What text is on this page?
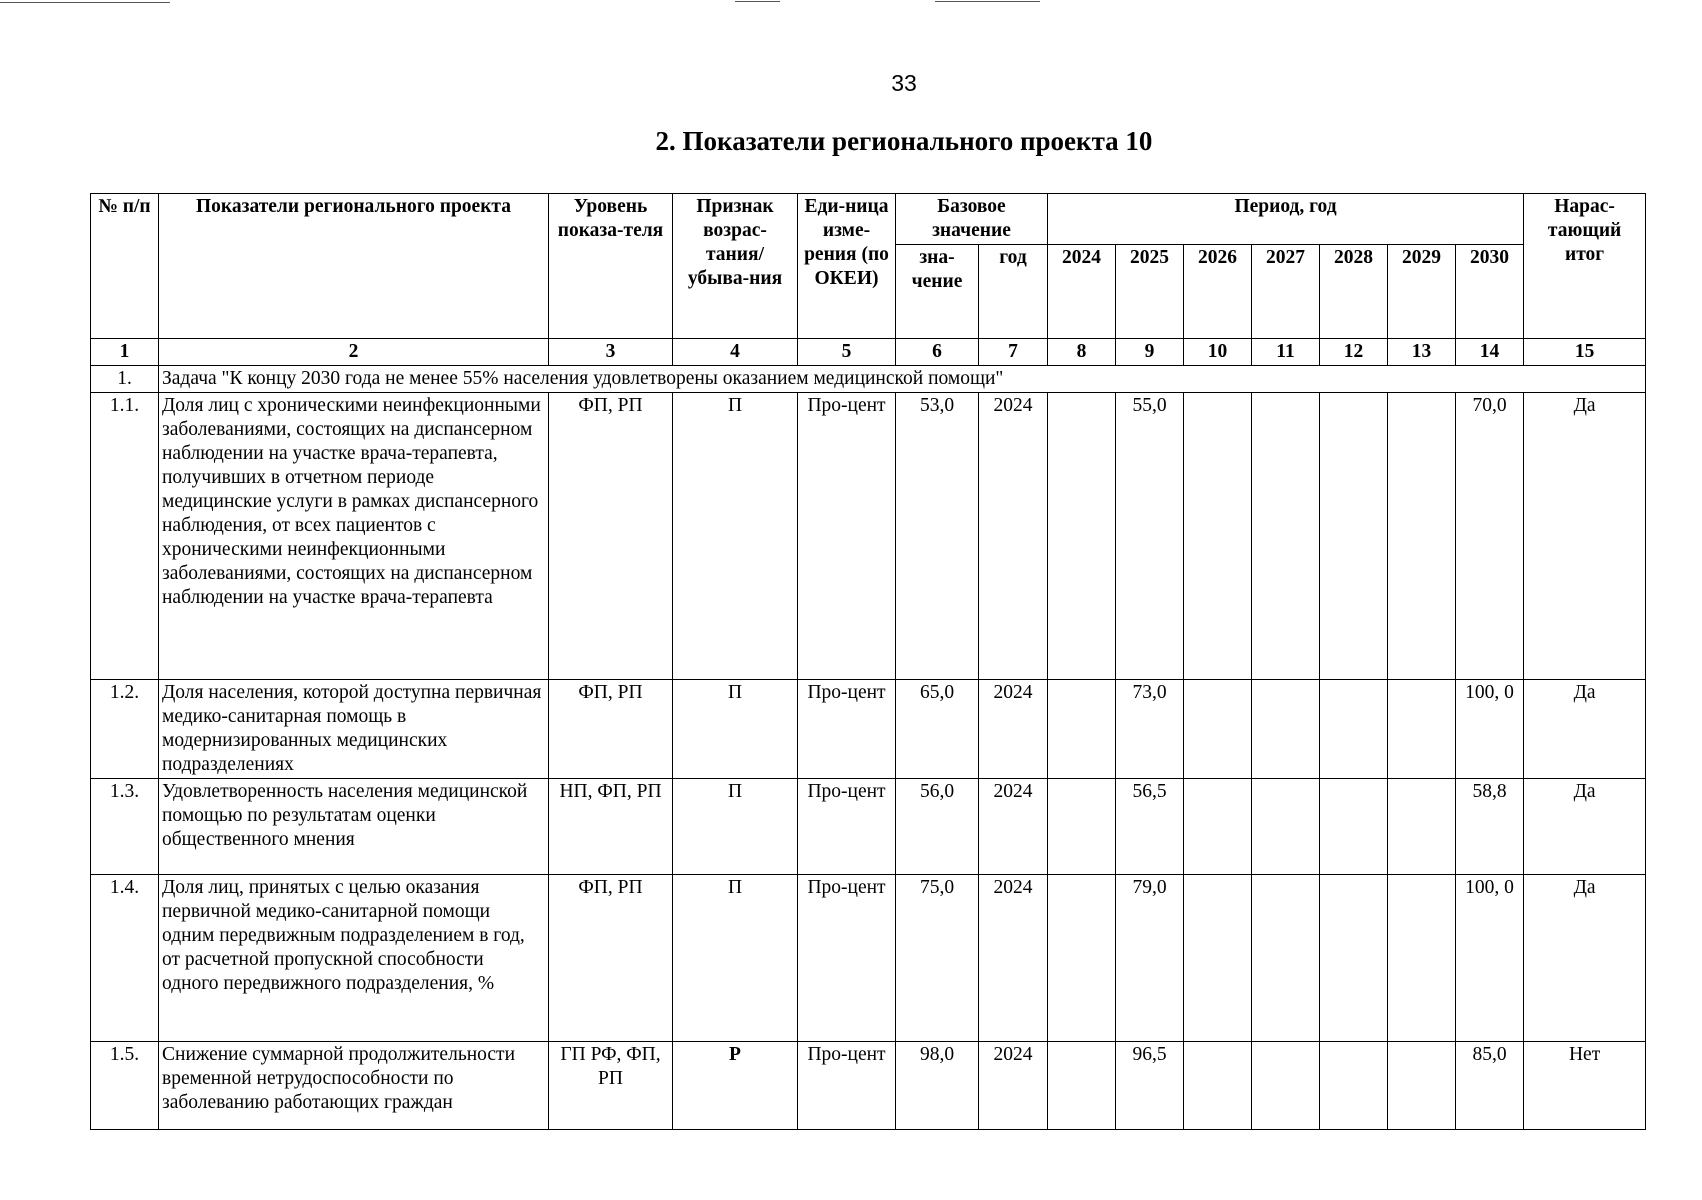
33
2. Показатели регионального проекта 10
№ п/п	Показатели регионального проекта	Уровень показа-теля	Признак возрас-тания/ убыва-ния	Еди-ница изме-рения (по ОКЕИ)	Базовое значение		Период, год							Нарас-тающий итог
					зна-чение	год	2024	2025	2026	2027	2028	2029	2030	
1	2	3	4	5	6	7	8	9	10	11	12	13	14	15
1.	Задача "К концу 2030 года не менее 55% населения удовлетворены оказанием медицинской помощи"													
1.1.	Доля лиц с хроническими неинфекционными заболеваниями, состоящих на диспансерном наблюдении на участке врача-терапевта, получивших в отчетном периоде медицинские услуги в рамках диспансерного наблюдения, от всех пациентов с хроническими неинфекционными заболеваниями, состоящих на диспансерном наблюдении на участке врача-терапевта	ФП, РП	П	Про-цент	53,0	2024		55,0					70,0	Да
1.2.	Доля населения, которой доступна первичная медико-санитарная помощь в модернизированных медицинских подразделениях	ФП, РП	П	Про-цент	65,0	2024		73,0					100, 0	Да
1.3.	Удовлетворенность населения медицинской помощью по результатам оценки общественного мнения	НП, ФП, РП	П	Про-цент	56,0	2024		56,5					58,8	Да
1.4.	Доля лиц, принятых с целью оказания первичной медико-санитарной помощи одним передвижным подразделением в год, от расчетной пропускной способности одного передвижного подразделения, %	ФП, РП	П	Про-цент	75,0	2024		79,0					100, 0	Да
1.5.	Снижение суммарной продолжительности временной нетрудоспособности по заболеванию работающих граждан	ГП РФ, ФП, РП	Р	Про-цент	98,0	2024		96,5					85,0	Нет
